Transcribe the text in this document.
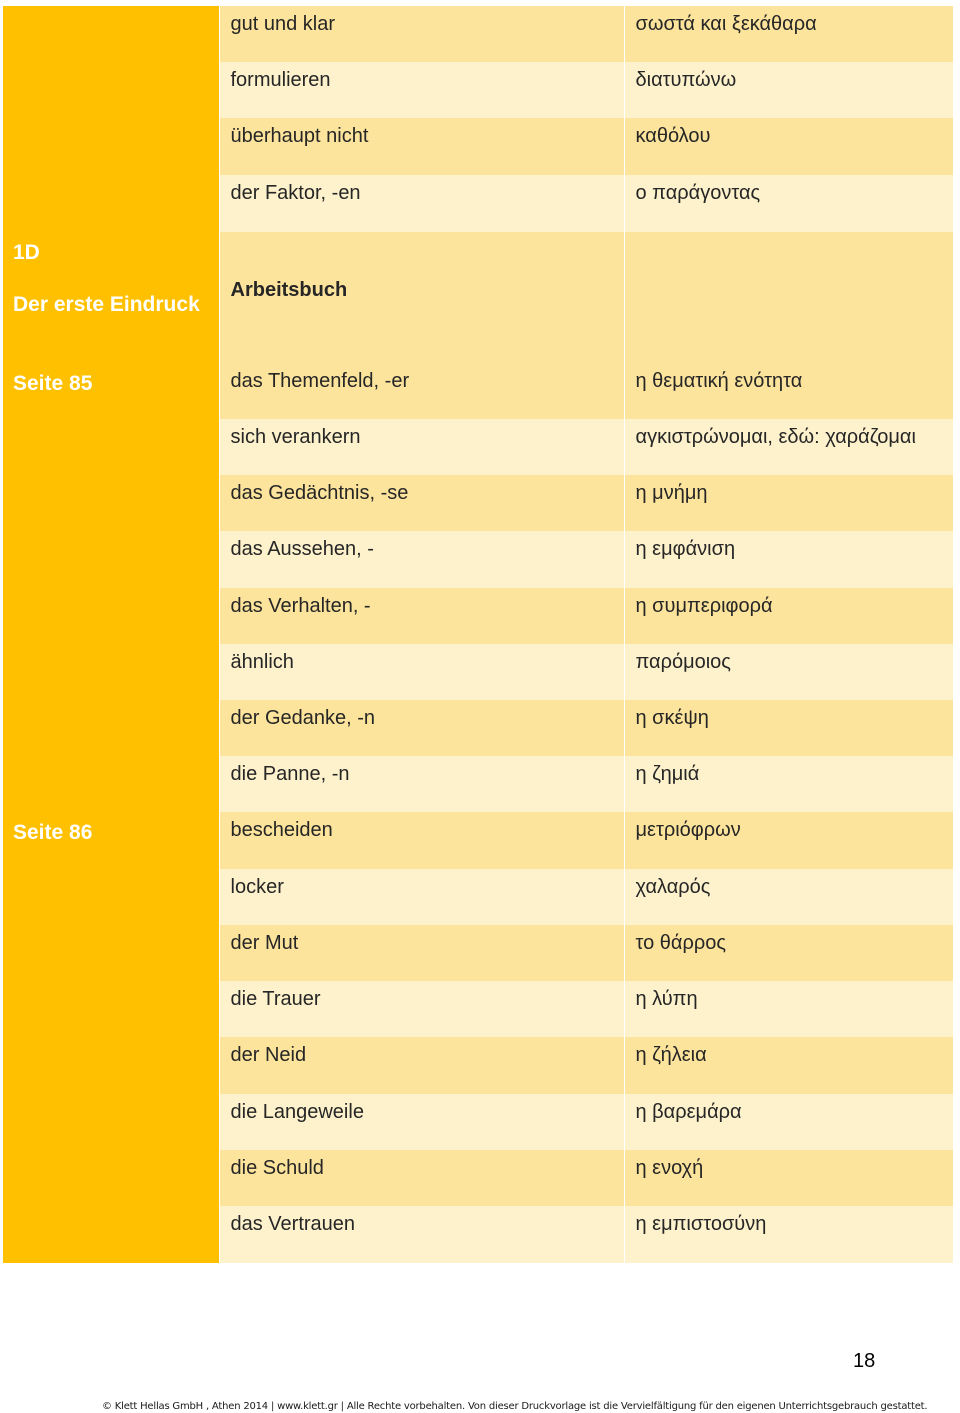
	gut und klar	σωστά και ξεκάθαρα
	formulieren	διατυπώνω
	überhaupt nicht	καθόλου
	der Faktor, -en	ο παράγοντας

1D
Der erste Eindruck	Arbeitsbuch	

Seite 85	das Themenfeld, -er	η θεματική ενότητα
	sich verankern	αγκιστρώνομαι, εδώ: χαράζομαι
	das Gedächtnis, -se	η μνήμη
	das Aussehen, -	η εμφάνιση
	das Verhalten, -	η συμπεριφορά
	ähnlich	παρόμοιος
	der Gedanke, -n	η σκέψη
	die Panne, -n	η ζημιά

Seite 86	bescheiden	μετριόφρων
	locker	χαλαρός
	der Mut	το θάρρος
	die Trauer	η λύπη
	der Neid	η ζήλεια
	die Langeweile	η βαρεμάρα
	die Schuld	η ενοχή
	das Vertrauen	η εμπιστοσύνη
18
© Klett Hellas GmbH , Athen 2014 | www.klett.gr | Alle Rechte vorbehalten. Von dieser Druckvorlage ist die Vervielfältigung für den eigenen Unterrichtsgebrauch gestattet.
